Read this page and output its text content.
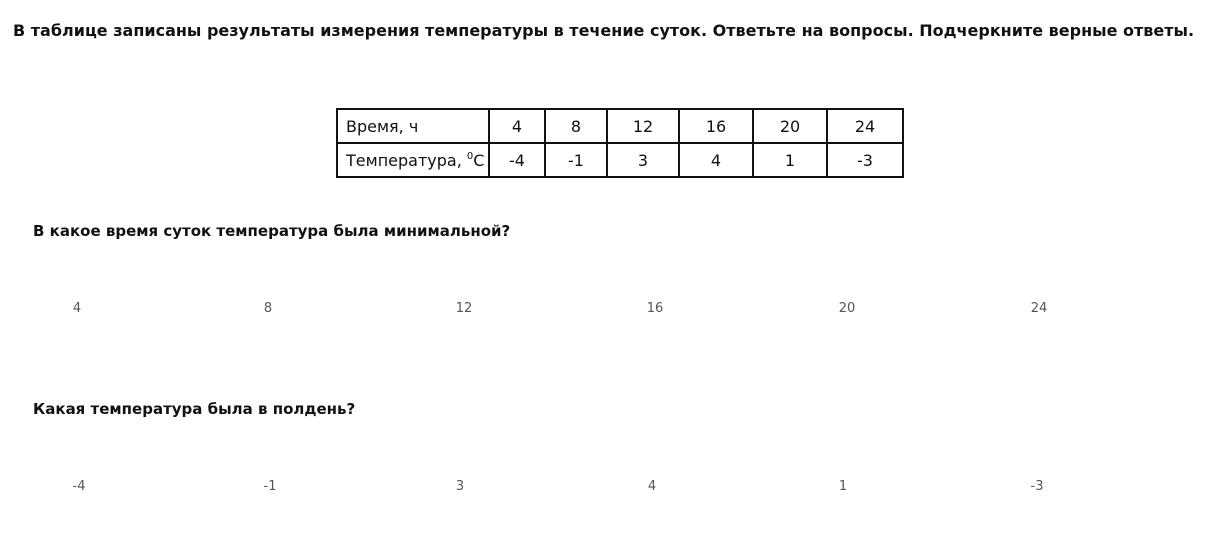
В таблице записаны результаты измерения температуры в течение суток. Ответьте на вопросы. Подчеркните верные ответы.

Время, ч	4	8	12	16	20	24
Температура, $^0$С	-4	-1	3	4	1	-3

В какое время суток температура была минимальной?

4	8	12	16	20	24

Какая температура была в полдень?

-4	-1	3	4	1	-3
